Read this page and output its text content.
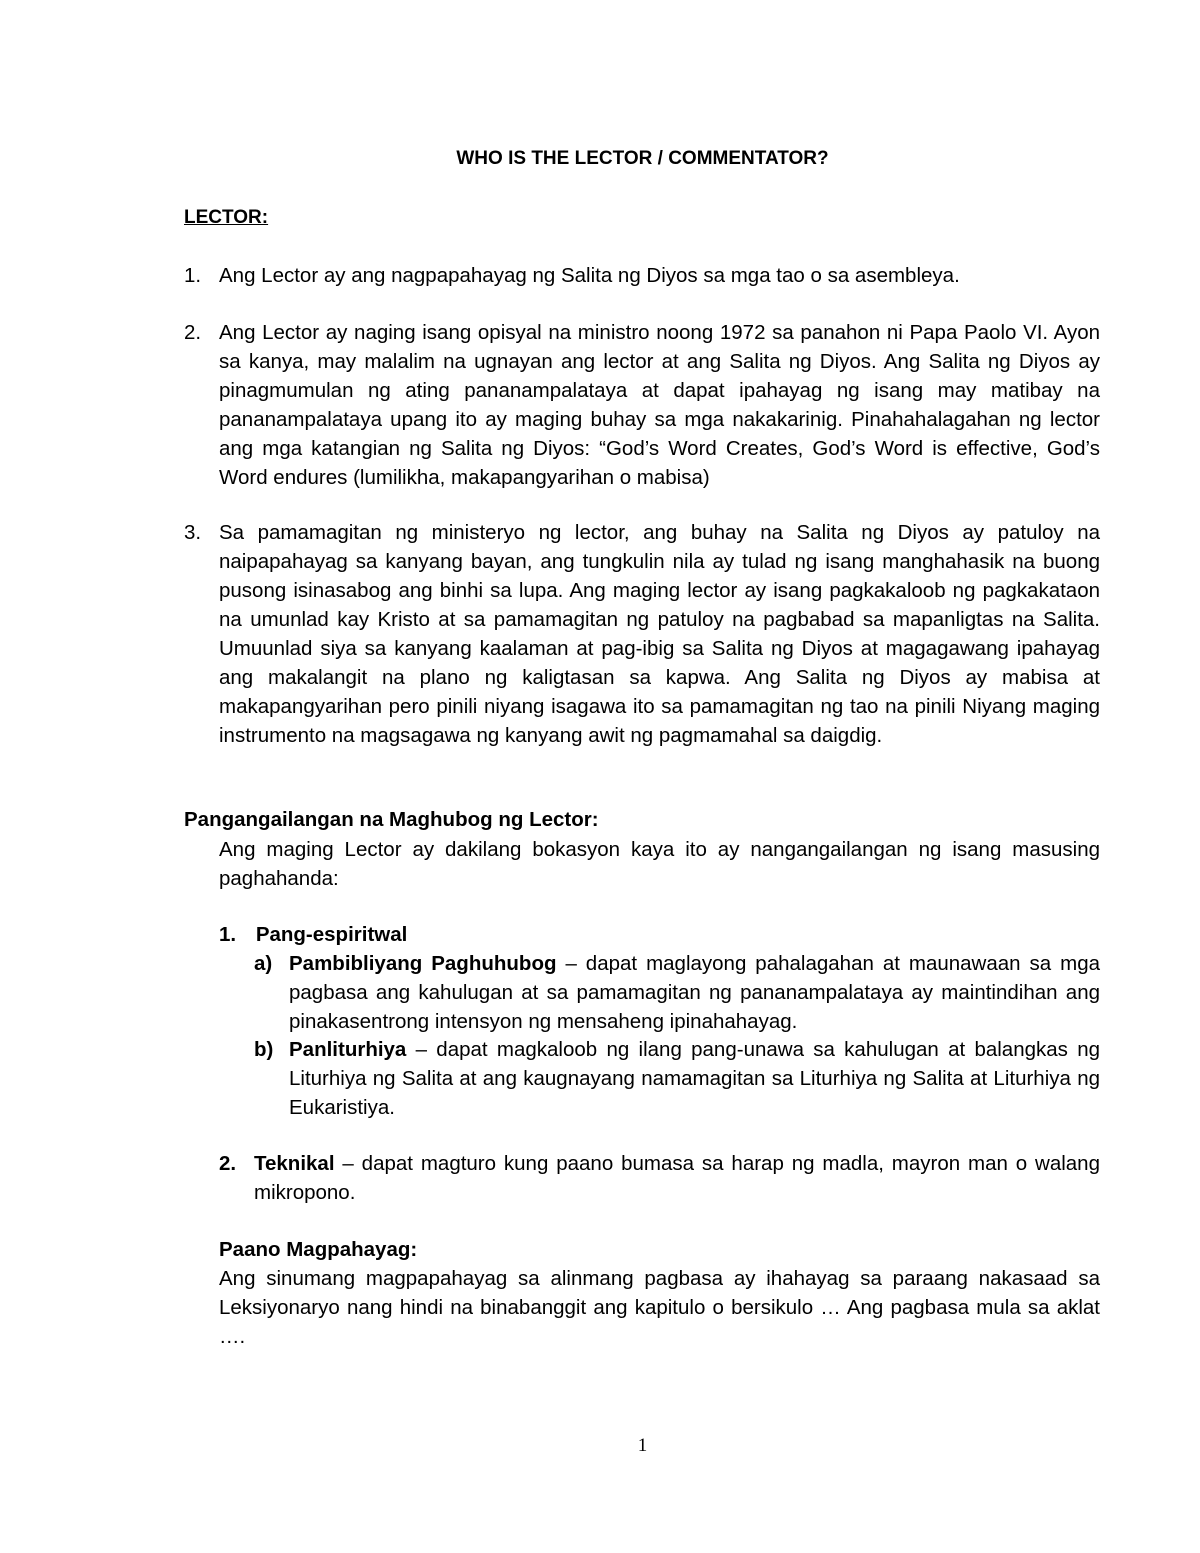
WHO IS THE LECTOR / COMMENTATOR?
LECTOR:
1. Ang Lector ay ang nagpapahayag ng Salita ng Diyos sa mga tao o sa asembleya.
2. Ang Lector ay naging isang opisyal na ministro noong 1972 sa panahon ni Papa Paolo VI. Ayon sa kanya, may malalim na ugnayan ang lector at ang Salita ng Diyos. Ang Salita ng Diyos ay pinagmumulan ng ating pananampalataya at dapat ipahayag ng isang may matibay na pananampalataya upang ito ay maging buhay sa mga nakakarinig. Pinahahalagahan ng lector ang mga katangian ng Salita ng Diyos: “God’s Word Creates, God’s Word is effective, God’s Word endures (lumilikha, makapangyarihan o mabisa)
3. Sa pamamagitan ng ministeryo ng lector, ang buhay na Salita ng Diyos ay patuloy na naipapahayag sa kanyang bayan, ang tungkulin nila ay tulad ng isang manghahasik na buong pusong isinasabog ang binhi sa lupa. Ang maging lector ay isang pagkakaloob ng pagkakataon na umunlad kay Kristo at sa pamamagitan ng patuloy na pagbabad sa mapanligtas na Salita. Umuunlad siya sa kanyang kaalaman at pag-ibig sa Salita ng Diyos at magagawang ipahayag ang makalangit na plano ng kaligtasan sa kapwa. Ang Salita ng Diyos ay mabisa at makapangyarihan pero pinili niyang isagawa ito sa pamamagitan ng tao na pinili Niyang maging instrumento na magsagawa ng kanyang awit ng pagmamahal sa daigdig.
Pangangailangan na Maghubog ng Lector:
Ang maging Lector ay dakilang bokasyon kaya ito ay nangangailangan ng isang masusing paghahanda:
1. Pang-espiritwal
a) Pambibliyang Paghuhubog – dapat maglayong pahalagahan at maunawaan sa mga pagbasa ang kahulugan at sa pamamagitan ng pananampalataya ay maintindihan ang pinakasentrong intensyon ng mensaheng ipinahahayag.
b) Panliturhiya – dapat magkaloob ng ilang pang-unawa sa kahulugan at balangkas ng Liturhiya ng Salita at ang kaugnayang namamagitan sa Liturhiya ng Salita at Liturhiya ng Eukaristiya.
2. Teknikal – dapat magturo kung paano bumasa sa harap ng madla, mayron man o walang mikropono.
Paano Magpahayag:
Ang sinumang magpapahayag sa alinmang pagbasa ay ihahayag sa paraang nakasaad sa Leksiyonaryo nang hindi na binabanggit ang kapitulo o bersikulo … Ang pagbasa mula sa aklat ….
1
